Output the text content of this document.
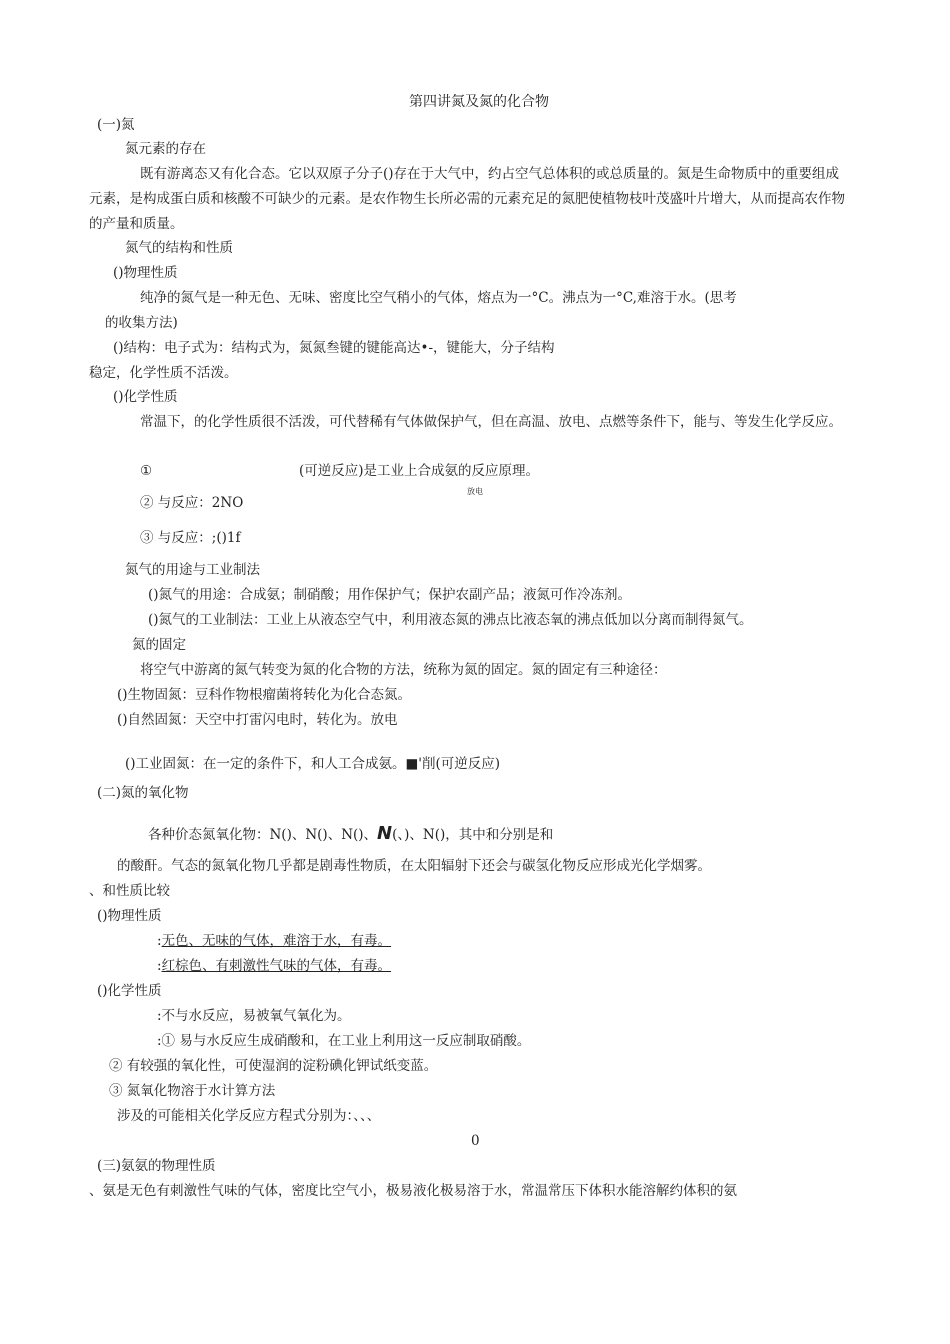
第四讲氮及氮的化合物
(一)氮
氮元素的存在
既有游离态又有化合态。它以双原子分子()存在于大气中，约占空气总体积的或总质量的。氮是生命物质中的重要组成
元素，是构成蛋白质和核酸不可缺少的元素。是农作物生长所必需的元素充足的氮肥使植物枝叶茂盛叶片增大，从而提高农作物
的产量和质量。
氮气的结构和性质
()物理性质
纯净的氮气是一种无色、无味、密度比空气稍小的气体，熔点为一°C。沸点为一°C,难溶于水。(思考
的收集方法)
()结构：电子式为：结构式为，氮氮叁键的键能高达•-，键能大，分子结构
稳定，化学性质不活泼。
()化学性质
常温下，的化学性质很不活泼，可代替稀有气体做保护气，但在高温、放电、点燃等条件下，能与、等发生化学反应。
①	(可逆反应)是工业上合成氨的反应原理。
放电
② 与反应：2NO
③ 与反应：;()1f
氮气的用途与工业制法
()氮气的用途：合成氨；制硝酸；用作保护气；保护农副产品；液氮可作冷冻剂。
()氮气的工业制法：工业上从液态空气中，利用液态氮的沸点比液态氧的沸点低加以分离而制得氮气。
氮的固定
将空气中游离的氮气转变为氮的化合物的方法，统称为氮的固定。氮的固定有三种途径：
()生物固氮：豆科作物根瘤菌将转化为化合态氮。
()自然固氮：天空中打雷闪电时，转化为。放电
()工业固氮：在一定的条件下，和人工合成氨。■'削(可逆反应)
(二)氮的氧化物
各种价态氮氧化物：N()、N()、N()、N(、)、N()，其中和分别是和
的酸酐。气态的氮氧化物几乎都是剧毒性物质，在太阳辐射下还会与碳氢化物反应形成光化学烟雾。
、和性质比较
()物理性质
:无色、无味的气体，难溶于水，有毒。
:红棕色、有刺激性气味的气体，有毒。
()化学性质
:不与水反应，易被氧气氧化为。
:① 易与水反应生成硝酸和，在工业上利用这一反应制取硝酸。
② 有较强的氧化性，可使湿润的淀粉碘化钾试纸变蓝。
③ 氮氧化物溶于水计算方法
涉及的可能相关化学反应方程式分别为：、、、
0
(三)氨氨的物理性质
、氨是无色有刺激性气味的气体，密度比空气小，极易液化极易溶于水，常温常压下体积水能溶解约体积的氨
